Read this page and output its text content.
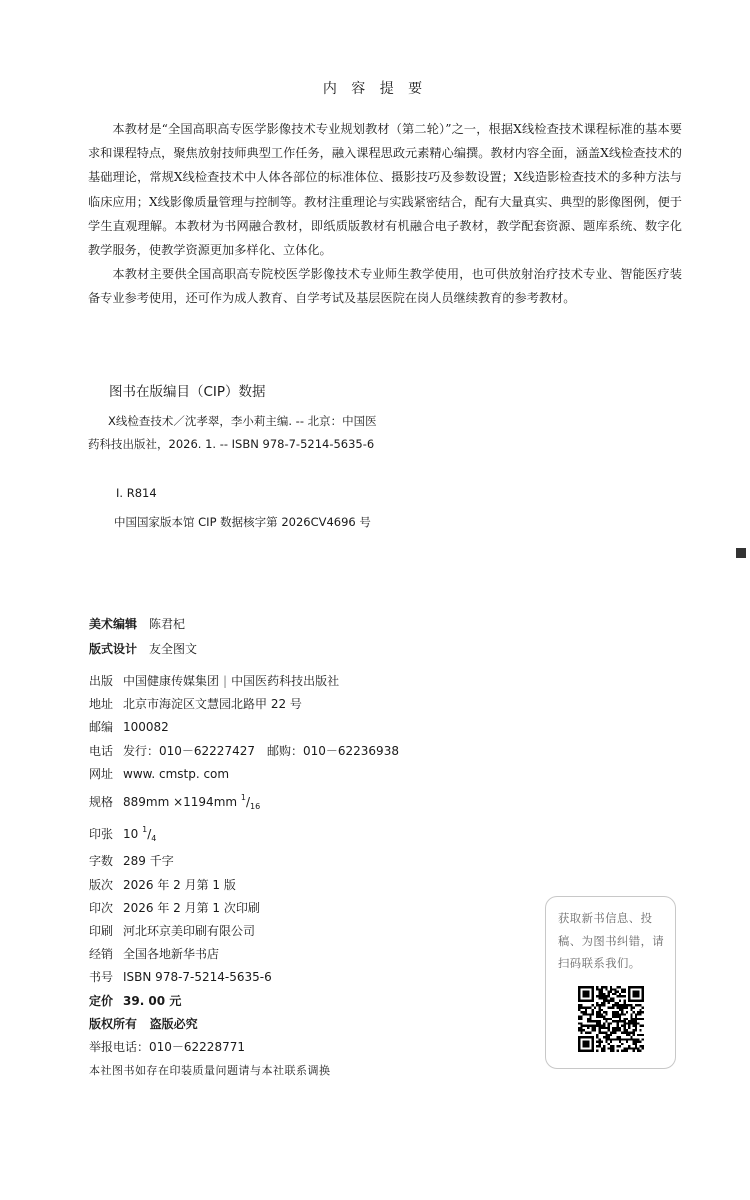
内 容 提 要

本教材是“全国高职高专医学影像技术专业规划教材（第二轮）”之一，根据X线检查技术课程标准的基本要求和课程特点，聚焦放射技师典型工作任务，融入课程思政元素精心编撰。教材内容全面，涵盖X线检查技术的基础理论，常规X线检查技术中人体各部位的标准体位、摄影技巧及参数设置；X线造影检查技术的多种方法与临床应用；X线影像质量管理与控制等。教材注重理论与实践紧密结合，配有大量真实、典型的影像图例，便于学生直观理解。本教材为书网融合教材，即纸质版教材有机融合电子教材，教学配套资源、题库系统、数字化教学服务，使教学资源更加多样化、立体化。

本教材主要供全国高职高专院校医学影像技术专业师生教学使用，也可供放射治疗技术专业、智能医疗装备专业参考使用，还可作为成人教育、自学考试及基层医院在岗人员继续教育的参考教材。

图书在版编目（CIP）数据
X线检查技术／沈孝翠，李小莉主编. -- 北京：中国医药科技出版社，2026. 1. -- ISBN 978-7-5214-5635-6
Ⅰ. R814
中国国家版本馆 CIP 数据核字第 2026CV4696 号
美术编辑 陈君杞
版式设计 友全图文
出版 中国健康传媒集团 | 中国医药科技出版社
地址 北京市海淀区文慧园北路甲 22 号
邮编 100082
电话 发行：010－62227427　邮购：010－62236938
网址 www. cmstp. com
规格 889mm ×1194mm $^1/_{16}$
印张 10 $^1/_4$
字数 289 千字
版次 2026 年 2 月第 1 版
印次 2026 年 2 月第 1 次印刷
印刷 河北环京美印刷有限公司
经销 全国各地新华书店
书号 ISBN 978-7-5214-5635-6
定价 39. 00 元
版权所有 盗版必究
举报电话：010－62228771
本社图书如存在印装质量问题请与本社联系调换
获取新书信息、投稿、为图书纠错，请扫码联系我们。
